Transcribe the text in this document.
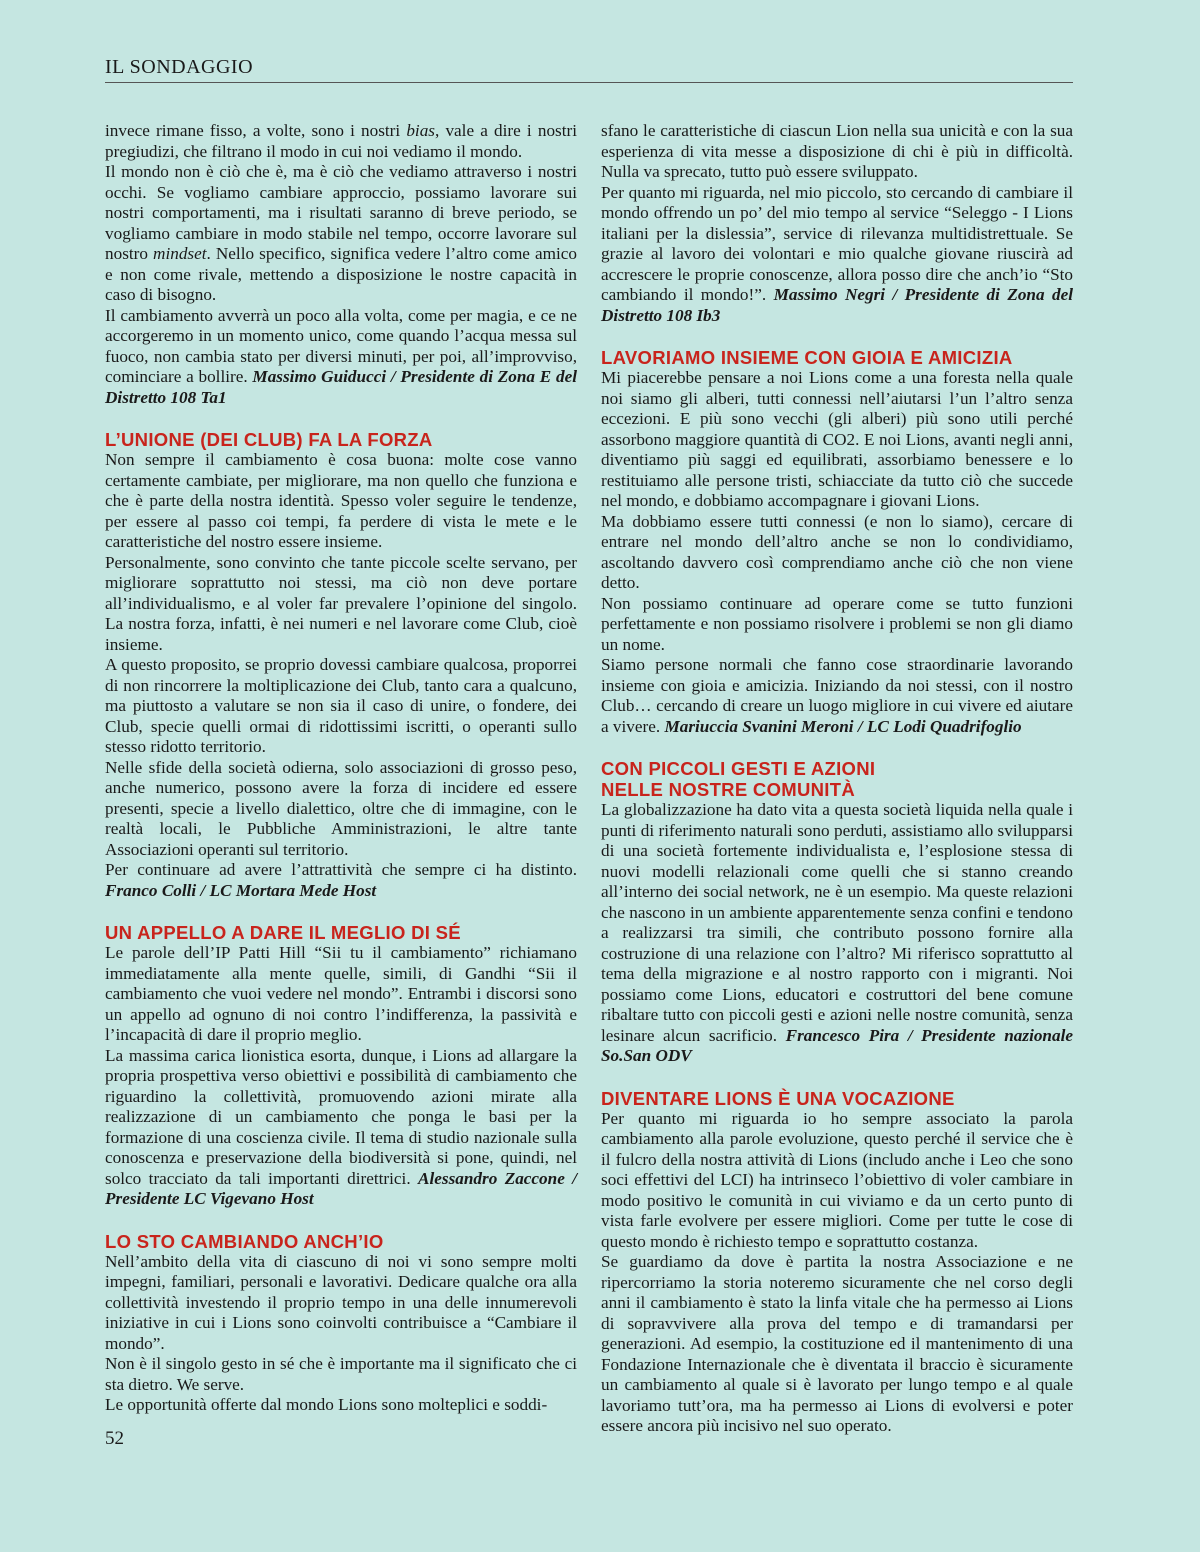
IL SONDAGGIO

invece rimane fisso, a volte, sono i nostri bias, vale a dire i nostri pregiudizi, che filtrano il modo in cui noi vediamo il mondo.

Il mondo non è ciò che è, ma è ciò che vediamo attraverso i nostri occhi. Se vogliamo cambiare approccio, possiamo lavorare sui nostri comportamenti, ma i risultati saranno di breve periodo, se vogliamo cambiare in modo stabile nel tempo, occorre lavorare sul nostro mindset. Nello specifico, significa vedere l’altro come amico e non come rivale, mettendo a disposizione le nostre capacità in caso di bisogno.

Il cambiamento avverrà un poco alla volta, come per magia, e ce ne accorgeremo in un momento unico, come quando l’acqua messa sul fuoco, non cambia stato per diversi minuti, per poi, all’improvviso, cominciare a bollire. Massimo Guiducci / Presidente di Zona E del Distretto 108 Ta1

L’UNIONE (DEI CLUB) FA LA FORZA

Non sempre il cambiamento è cosa buona: molte cose vanno certamente cambiate, per migliorare, ma non quello che funziona e che è parte della nostra identità. Spesso voler seguire le tendenze, per essere al passo coi tempi, fa perdere di vista le mete e le caratteristiche del nostro essere insieme.

Personalmente, sono convinto che tante piccole scelte servano, per migliorare soprattutto noi stessi, ma ciò non deve portare all’individualismo, e al voler far prevalere l’opinione del singolo. La nostra forza, infatti, è nei numeri e nel lavorare come Club, cioè insieme.

A questo proposito, se proprio dovessi cambiare qualcosa, proporrei di non rincorrere la moltiplicazione dei Club, tanto cara a qualcuno, ma piuttosto a valutare se non sia il caso di unire, o fondere, dei Club, specie quelli ormai di ridottissimi iscritti, o operanti sullo stesso ridotto territorio.

Nelle sfide della società odierna, solo associazioni di grosso peso, anche numerico, possono avere la forza di incidere ed essere presenti, specie a livello dialettico, oltre che di immagine, con le realtà locali, le Pubbliche Amministrazioni, le altre tante Associazioni operanti sul territorio.

Per continuare ad avere l’attrattività che sempre ci ha distinto. Franco Colli / LC Mortara Mede Host

UN APPELLO A DARE IL MEGLIO DI SÉ

Le parole dell’IP Patti Hill “Sii tu il cambiamento” richiamano immediatamente alla mente quelle, simili, di Gandhi “Sii il cambiamento che vuoi vedere nel mondo”. Entrambi i discorsi sono un appello ad ognuno di noi contro l’indifferenza, la passività e l’incapacità di dare il proprio meglio.

La massima carica lionistica esorta, dunque, i Lions ad allargare la propria prospettiva verso obiettivi e possibilità di cambiamento che riguardino la collettività, promuovendo azioni mirate alla realizzazione di un cambiamento che ponga le basi per la formazione di una coscienza civile. Il tema di studio nazionale sulla conoscenza e preservazione della biodiversità si pone, quindi, nel solco tracciato da tali importanti direttrici. Alessandro Zaccone / Presidente LC Vigevano Host

LO STO CAMBIANDO ANCH’IO

Nell’ambito della vita di ciascuno di noi vi sono sempre molti impegni, familiari, personali e lavorativi. Dedicare qualche ora alla collettività investendo il proprio tempo in una delle innumerevoli iniziative in cui i Lions sono coinvolti contribuisce a “Cambiare il mondo”.

Non è il singolo gesto in sé che è importante ma il significato che ci sta dietro. We serve.

Le opportunità offerte dal mondo Lions sono molteplici e soddi-

sfano le caratteristiche di ciascun Lion nella sua unicità e con la sua esperienza di vita messe a disposizione di chi è più in difficoltà. Nulla va sprecato, tutto può essere sviluppato.

Per quanto mi riguarda, nel mio piccolo, sto cercando di cambiare il mondo offrendo un po’ del mio tempo al service “Seleggo - I Lions italiani per la dislessia”, service di rilevanza multidistrettuale. Se grazie al lavoro dei volontari e mio qualche giovane riuscirà ad accrescere le proprie conoscenze, allora posso dire che anch’io “Sto cambiando il mondo!”. Massimo Negri / Presidente di Zona del Distretto 108 Ib3

LAVORIAMO INSIEME CON GIOIA E AMICIZIA

Mi piacerebbe pensare a noi Lions come a una foresta nella quale noi siamo gli alberi, tutti connessi nell’aiutarsi l’un l’altro senza eccezioni. E più sono vecchi (gli alberi) più sono utili perché assorbono maggiore quantità di CO2. E noi Lions, avanti negli anni, diventiamo più saggi ed equilibrati, assorbiamo benessere e lo restituiamo alle persone tristi, schiacciate da tutto ciò che succede nel mondo, e dobbiamo accompagnare i giovani Lions.

Ma dobbiamo essere tutti connessi (e non lo siamo), cercare di entrare nel mondo dell’altro anche se non lo condividiamo, ascoltando davvero così comprendiamo anche ciò che non viene detto.

Non possiamo continuare ad operare come se tutto funzioni perfettamente e non possiamo risolvere i problemi se non gli diamo un nome.

Siamo persone normali che fanno cose straordinarie lavorando insieme con gioia e amicizia. Iniziando da noi stessi, con il nostro Club… cercando di creare un luogo migliore in cui vivere ed aiutare a vivere. Mariuccia Svanini Meroni / LC Lodi Quadrifoglio

CON PICCOLI GESTI E AZIONI
NELLE NOSTRE COMUNITÀ

La globalizzazione ha dato vita a questa società liquida nella quale i punti di riferimento naturali sono perduti, assistiamo allo svilupparsi di una società fortemente individualista e, l’esplosione stessa di nuovi modelli relazionali come quelli che si stanno creando all’interno dei social network, ne è un esempio. Ma queste relazioni che nascono in un ambiente apparentemente senza confini e tendono a realizzarsi tra simili, che contributo possono fornire alla costruzione di una relazione con l’altro? Mi riferisco soprattutto al tema della migrazione e al nostro rapporto con i migranti. Noi possiamo come Lions, educatori e costruttori del bene comune ribaltare tutto con piccoli gesti e azioni nelle nostre comunità, senza lesinare alcun sacrificio. Francesco Pira / Presidente nazionale So.San ODV

DIVENTARE LIONS È UNA VOCAZIONE

Per quanto mi riguarda io ho sempre associato la parola cambiamento alla parole evoluzione, questo perché il service che è il fulcro della nostra attività di Lions (includo anche i Leo che sono soci effettivi del LCI) ha intrinseco l’obiettivo di voler cambiare in modo positivo le comunità in cui viviamo e da un certo punto di vista farle evolvere per essere migliori. Come per tutte le cose di questo mondo è richiesto tempo e soprattutto costanza.

Se guardiamo da dove è partita la nostra Associazione e ne ripercorriamo la storia noteremo sicuramente che nel corso degli anni il cambiamento è stato la linfa vitale che ha permesso ai Lions di sopravvivere alla prova del tempo e di tramandarsi per generazioni. Ad esempio, la costituzione ed il mantenimento di una Fondazione Internazionale che è diventata il braccio è sicuramente un cambiamento al quale si è lavorato per lungo tempo e al quale lavoriamo tutt’ora, ma ha permesso ai Lions di evolversi e poter essere ancora più incisivo nel suo operato.

52
